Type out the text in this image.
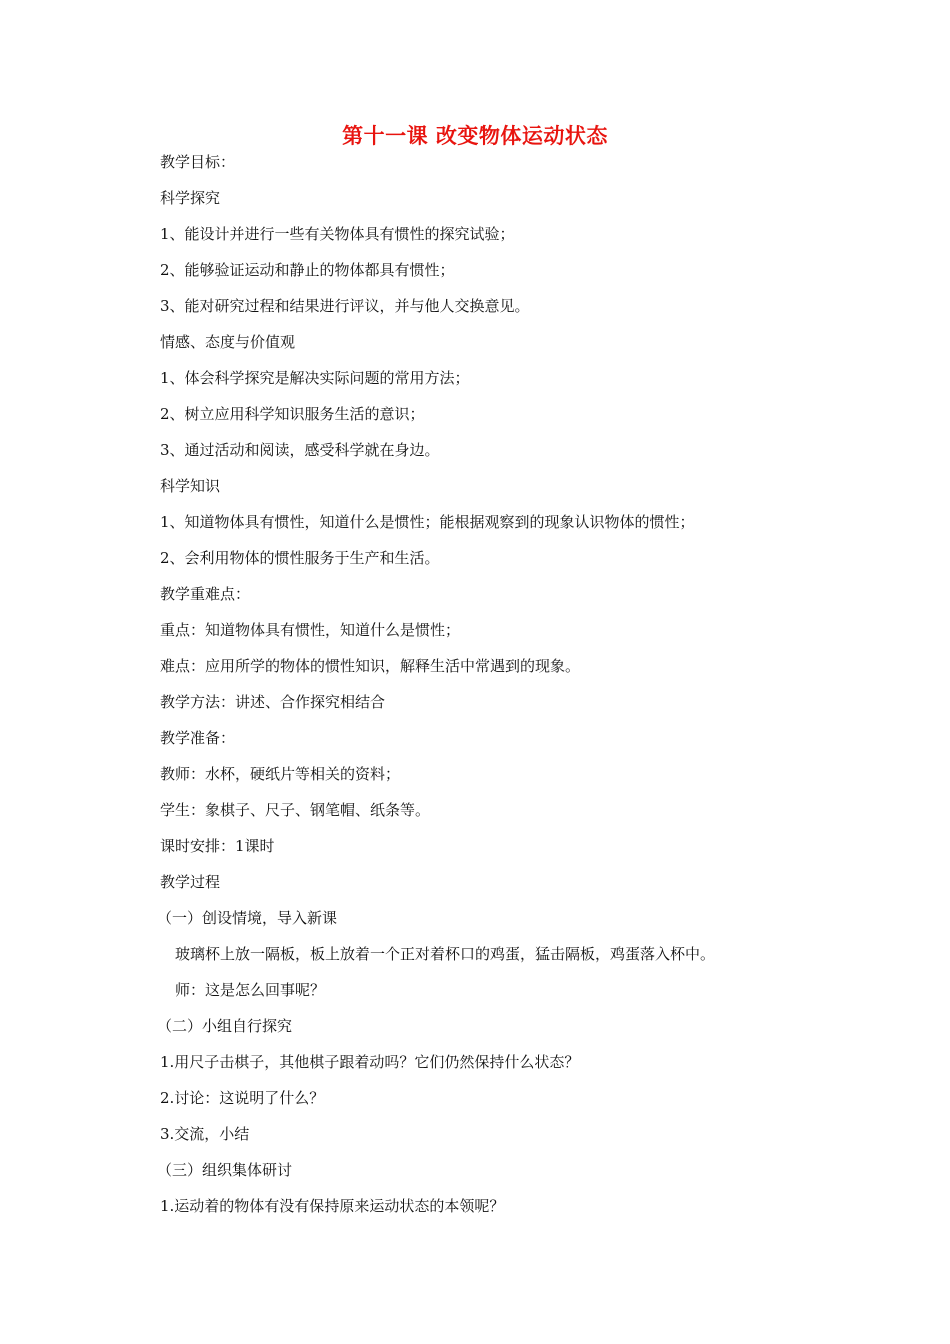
第十一课 改变物体运动状态
教学目标：
科学探究
1、能设计并进行一些有关物体具有惯性的探究试验；
2、能够验证运动和静止的物体都具有惯性；
3、能对研究过程和结果进行评议，并与他人交换意见。
情感、态度与价值观
1、体会科学探究是解决实际问题的常用方法；
2、树立应用科学知识服务生活的意识；
3、通过活动和阅读，感受科学就在身边。
科学知识
1、知道物体具有惯性，知道什么是惯性；能根据观察到的现象认识物体的惯性；
2、会利用物体的惯性服务于生产和生活。
教学重难点：
重点：知道物体具有惯性，知道什么是惯性；
难点：应用所学的物体的惯性知识，解释生活中常遇到的现象。
教学方法：讲述、合作探究相结合
教学准备：
教师：水杯，硬纸片等相关的资料；
学生：象棋子、尺子、钢笔帽、纸条等。
课时安排：1课时
教学过程
（一）创设情境，导入新课
玻璃杯上放一隔板，板上放着一个正对着杯口的鸡蛋，猛击隔板，鸡蛋落入杯中。
师：这是怎么回事呢？
（二）小组自行探究
1.用尺子击棋子，其他棋子跟着动吗？它们仍然保持什么状态？
2.讨论：这说明了什么？
3.交流，小结
（三）组织集体研讨
1.运动着的物体有没有保持原来运动状态的本领呢？
